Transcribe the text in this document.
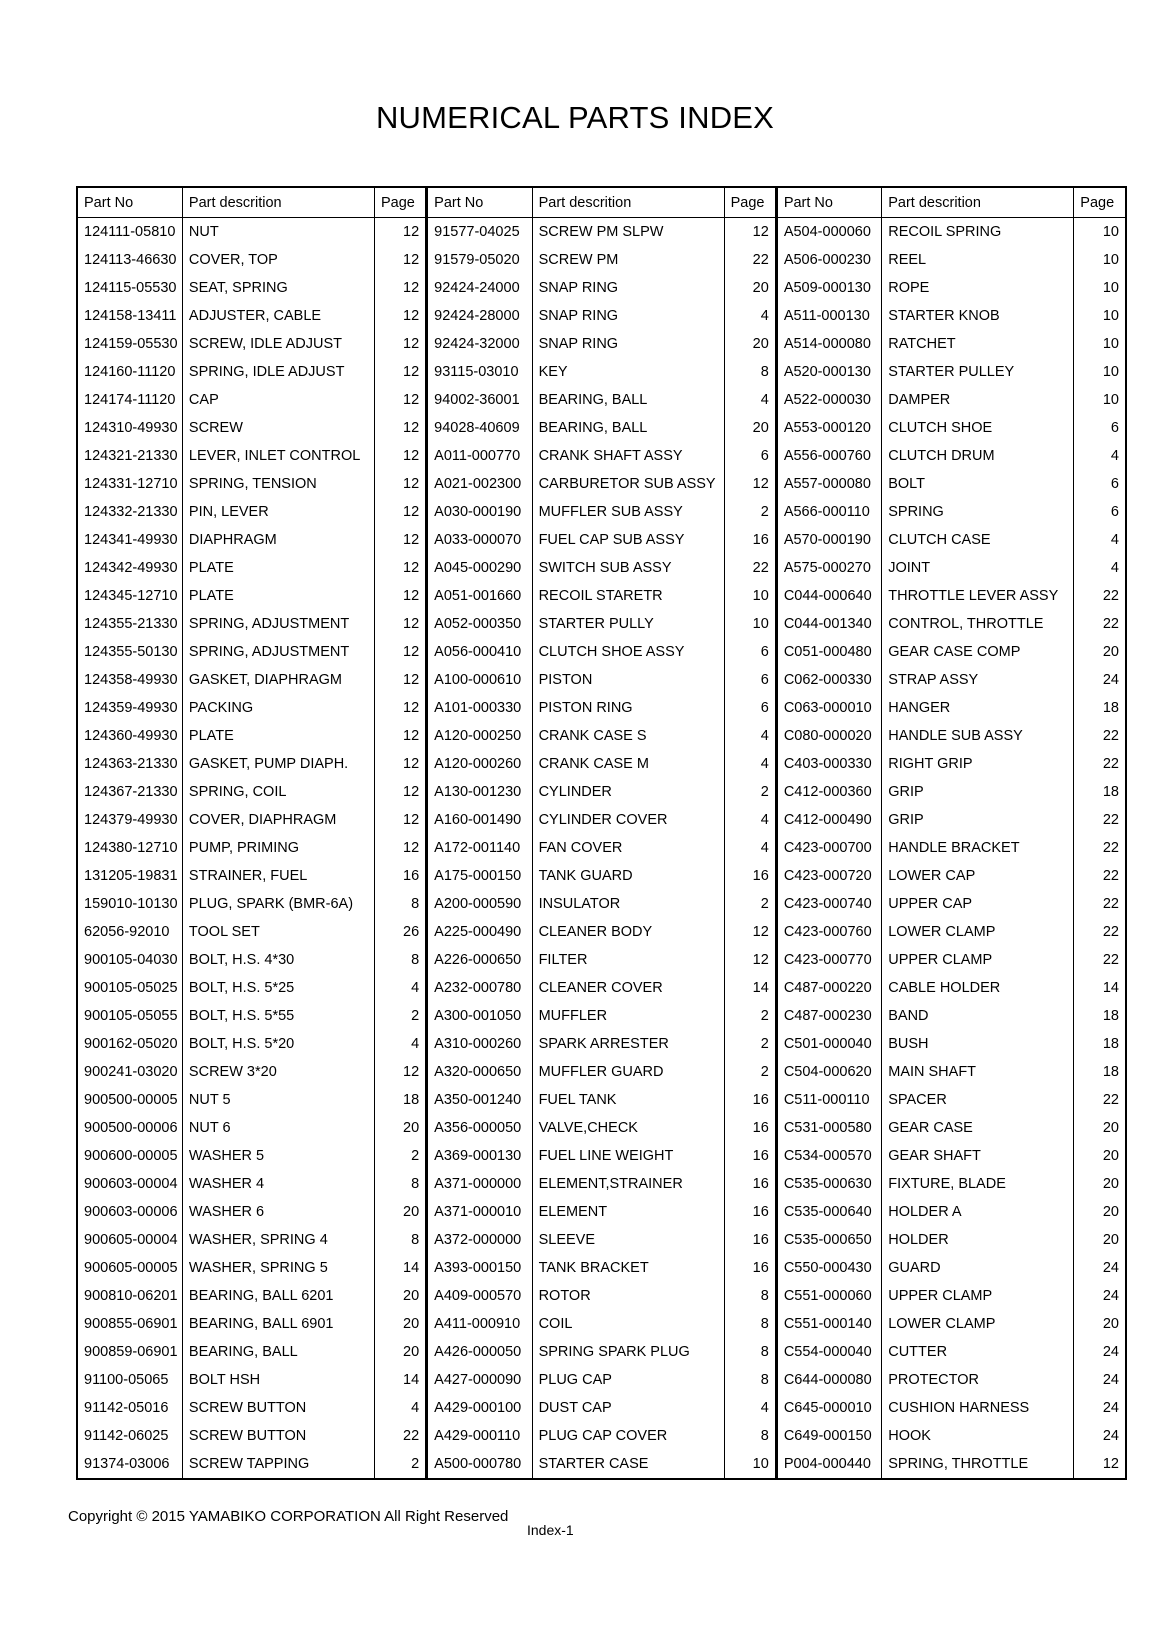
NUMERICAL PARTS INDEX
Part No	Part descrition	Page	Part No	Part descrition	Page	Part No	Part descrition	Page
124111-05810	NUT	12	91577-04025	SCREW PM SLPW	12	A504-000060	RECOIL SPRING	10
124113-46630	COVER, TOP	12	91579-05020	SCREW PM	22	A506-000230	REEL	10
124115-05530	SEAT, SPRING	12	92424-24000	SNAP RING	20	A509-000130	ROPE	10
124158-13411	ADJUSTER, CABLE	12	92424-28000	SNAP RING	4	A511-000130	STARTER KNOB	10
124159-05530	SCREW, IDLE ADJUST	12	92424-32000	SNAP RING	20	A514-000080	RATCHET	10
124160-11120	SPRING, IDLE ADJUST	12	93115-03010	KEY	8	A520-000130	STARTER PULLEY	10
124174-11120	CAP	12	94002-36001	BEARING, BALL	4	A522-000030	DAMPER	10
124310-49930	SCREW	12	94028-40609	BEARING, BALL	20	A553-000120	CLUTCH SHOE	6
124321-21330	LEVER, INLET CONTROL	12	A011-000770	CRANK SHAFT ASSY	6	A556-000760	CLUTCH DRUM	4
124331-12710	SPRING, TENSION	12	A021-002300	CARBURETOR SUB ASSY	12	A557-000080	BOLT	6
124332-21330	PIN, LEVER	12	A030-000190	MUFFLER SUB ASSY	2	A566-000110	SPRING	6
124341-49930	DIAPHRAGM	12	A033-000070	FUEL CAP SUB ASSY	16	A570-000190	CLUTCH CASE	4
124342-49930	PLATE	12	A045-000290	SWITCH SUB ASSY	22	A575-000270	JOINT	4
124345-12710	PLATE	12	A051-001660	RECOIL STARETR	10	C044-000640	THROTTLE LEVER ASSY	22
124355-21330	SPRING, ADJUSTMENT	12	A052-000350	STARTER PULLY	10	C044-001340	CONTROL, THROTTLE	22
124355-50130	SPRING, ADJUSTMENT	12	A056-000410	CLUTCH SHOE ASSY	6	C051-000480	GEAR CASE COMP	20
124358-49930	GASKET, DIAPHRAGM	12	A100-000610	PISTON	6	C062-000330	STRAP ASSY	24
124359-49930	PACKING	12	A101-000330	PISTON RING	6	C063-000010	HANGER	18
124360-49930	PLATE	12	A120-000250	CRANK CASE S	4	C080-000020	HANDLE SUB ASSY	22
124363-21330	GASKET, PUMP DIAPH.	12	A120-000260	CRANK CASE M	4	C403-000330	RIGHT GRIP	22
124367-21330	SPRING, COIL	12	A130-001230	CYLINDER	2	C412-000360	GRIP	18
124379-49930	COVER, DIAPHRAGM	12	A160-001490	CYLINDER COVER	4	C412-000490	GRIP	22
124380-12710	PUMP, PRIMING	12	A172-001140	FAN COVER	4	C423-000700	HANDLE BRACKET	22
131205-19831	STRAINER, FUEL	16	A175-000150	TANK GUARD	16	C423-000720	LOWER CAP	22
159010-10130	PLUG, SPARK (BMR-6A)	8	A200-000590	INSULATOR	2	C423-000740	UPPER CAP	22
62056-92010	TOOL SET	26	A225-000490	CLEANER BODY	12	C423-000760	LOWER CLAMP	22
900105-04030	BOLT, H.S. 4*30	8	A226-000650	FILTER	12	C423-000770	UPPER CLAMP	22
900105-05025	BOLT, H.S. 5*25	4	A232-000780	CLEANER COVER	14	C487-000220	CABLE HOLDER	14
900105-05055	BOLT, H.S. 5*55	2	A300-001050	MUFFLER	2	C487-000230	BAND	18
900162-05020	BOLT, H.S. 5*20	4	A310-000260	SPARK ARRESTER	2	C501-000040	BUSH	18
900241-03020	SCREW 3*20	12	A320-000650	MUFFLER GUARD	2	C504-000620	MAIN SHAFT	18
900500-00005	NUT 5	18	A350-001240	FUEL TANK	16	C511-000110	SPACER	22
900500-00006	NUT 6	20	A356-000050	VALVE,CHECK	16	C531-000580	GEAR CASE	20
900600-00005	WASHER 5	2	A369-000130	FUEL LINE WEIGHT	16	C534-000570	GEAR SHAFT	20
900603-00004	WASHER 4	8	A371-000000	ELEMENT,STRAINER	16	C535-000630	FIXTURE, BLADE	20
900603-00006	WASHER 6	20	A371-000010	ELEMENT	16	C535-000640	HOLDER A	20
900605-00004	WASHER, SPRING 4	8	A372-000000	SLEEVE	16	C535-000650	HOLDER	20
900605-00005	WASHER, SPRING 5	14	A393-000150	TANK BRACKET	16	C550-000430	GUARD	24
900810-06201	BEARING, BALL 6201	20	A409-000570	ROTOR	8	C551-000060	UPPER CLAMP	24
900855-06901	BEARING, BALL 6901	20	A411-000910	COIL	8	C551-000140	LOWER CLAMP	20
900859-06901	BEARING, BALL	20	A426-000050	SPRING SPARK PLUG	8	C554-000040	CUTTER	24
91100-05065	BOLT HSH	14	A427-000090	PLUG CAP	8	C644-000080	PROTECTOR	24
91142-05016	SCREW BUTTON	4	A429-000100	DUST CAP	4	C645-000010	CUSHION HARNESS	24
91142-06025	SCREW BUTTON	22	A429-000110	PLUG CAP COVER	8	C649-000150	HOOK	24
91374-03006	SCREW TAPPING	2	A500-000780	STARTER CASE	10	P004-000440	SPRING, THROTTLE	12
Copyright © 2015 YAMABIKO CORPORATION All Right Reserved
Index-1
